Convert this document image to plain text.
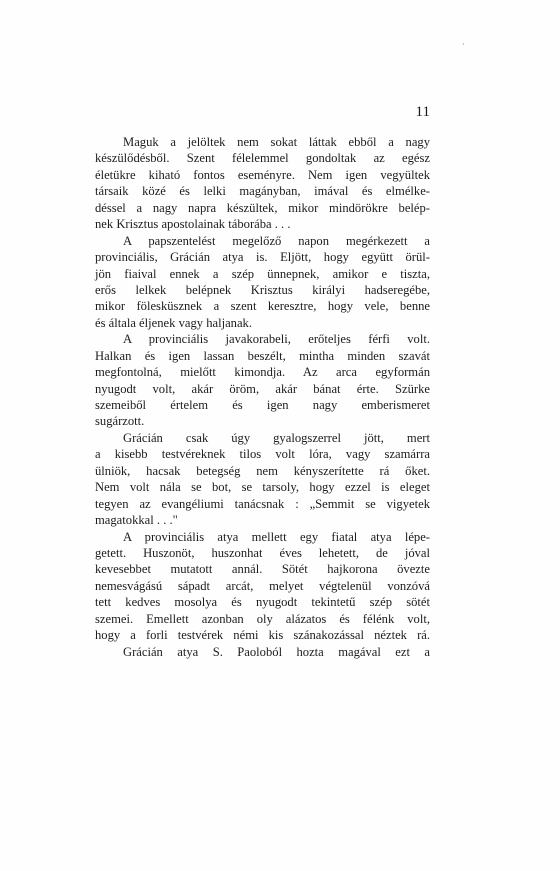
11
Maguk a jelöltek nem sokat láttak ebből a nagy
készülődésből. Szent félelemmel gondoltak az egész
életükre kiható fontos eseményre. Nem igen vegyültek
társaik közé és lelki magányban, imával és elmélke-
déssel a nagy napra készültek, mikor mindörökre belép-
nek Krisztus apostolainak táborába . . .
A papszentelést megelőző napon megérkezett a
provinciális, Grácián atya is. Eljött, hogy együtt örül-
jön fiaival ennek a szép ünnepnek, amikor e tiszta,
erős lelkek belépnek Krisztus királyi hadseregébe,
mikor fölesküsznek a szent keresztre, hogy vele, benne
és általa éljenek vagy haljanak.
A provinciális javakorabeli, erőteljes férfi volt.
Halkan és igen lassan beszélt, mintha minden szavát
megfontolná, mielőtt kimondja. Az arca egyformán
nyugodt volt, akár öröm, akár bánat érte. Szürke
szemeiből értelem és igen nagy emberismeret
sugárzott.
Grácián csak úgy gyalogszerrel jött, mert
a kisebb testvéreknek tilos volt lóra, vagy szamárra
ülniök, hacsak betegség nem kényszerítette rá őket.
Nem volt nála se bot, se tarsoly, hogy ezzel is eleget
tegyen az evangéliumi tanácsnak : „Semmit se vigyetek
magatokkal . . ."
A provinciális atya mellett egy fiatal atya lépe-
getett. Huszonöt, huszonhat éves lehetett, de jóval
kevesebbet mutatott annál. Sötét hajkorona övezte
nemesvágású sápadt arcát, melyet végtelenül vonzóvá
tett kedves mosolya és nyugodt tekintetű szép sötét
szemei. Emellett azonban oly alázatos és félénk volt,
hogy a forli testvérek némi kis szánakozással néztek rá.
Grácián atya S. Paoloból hozta magával ezt a
·
